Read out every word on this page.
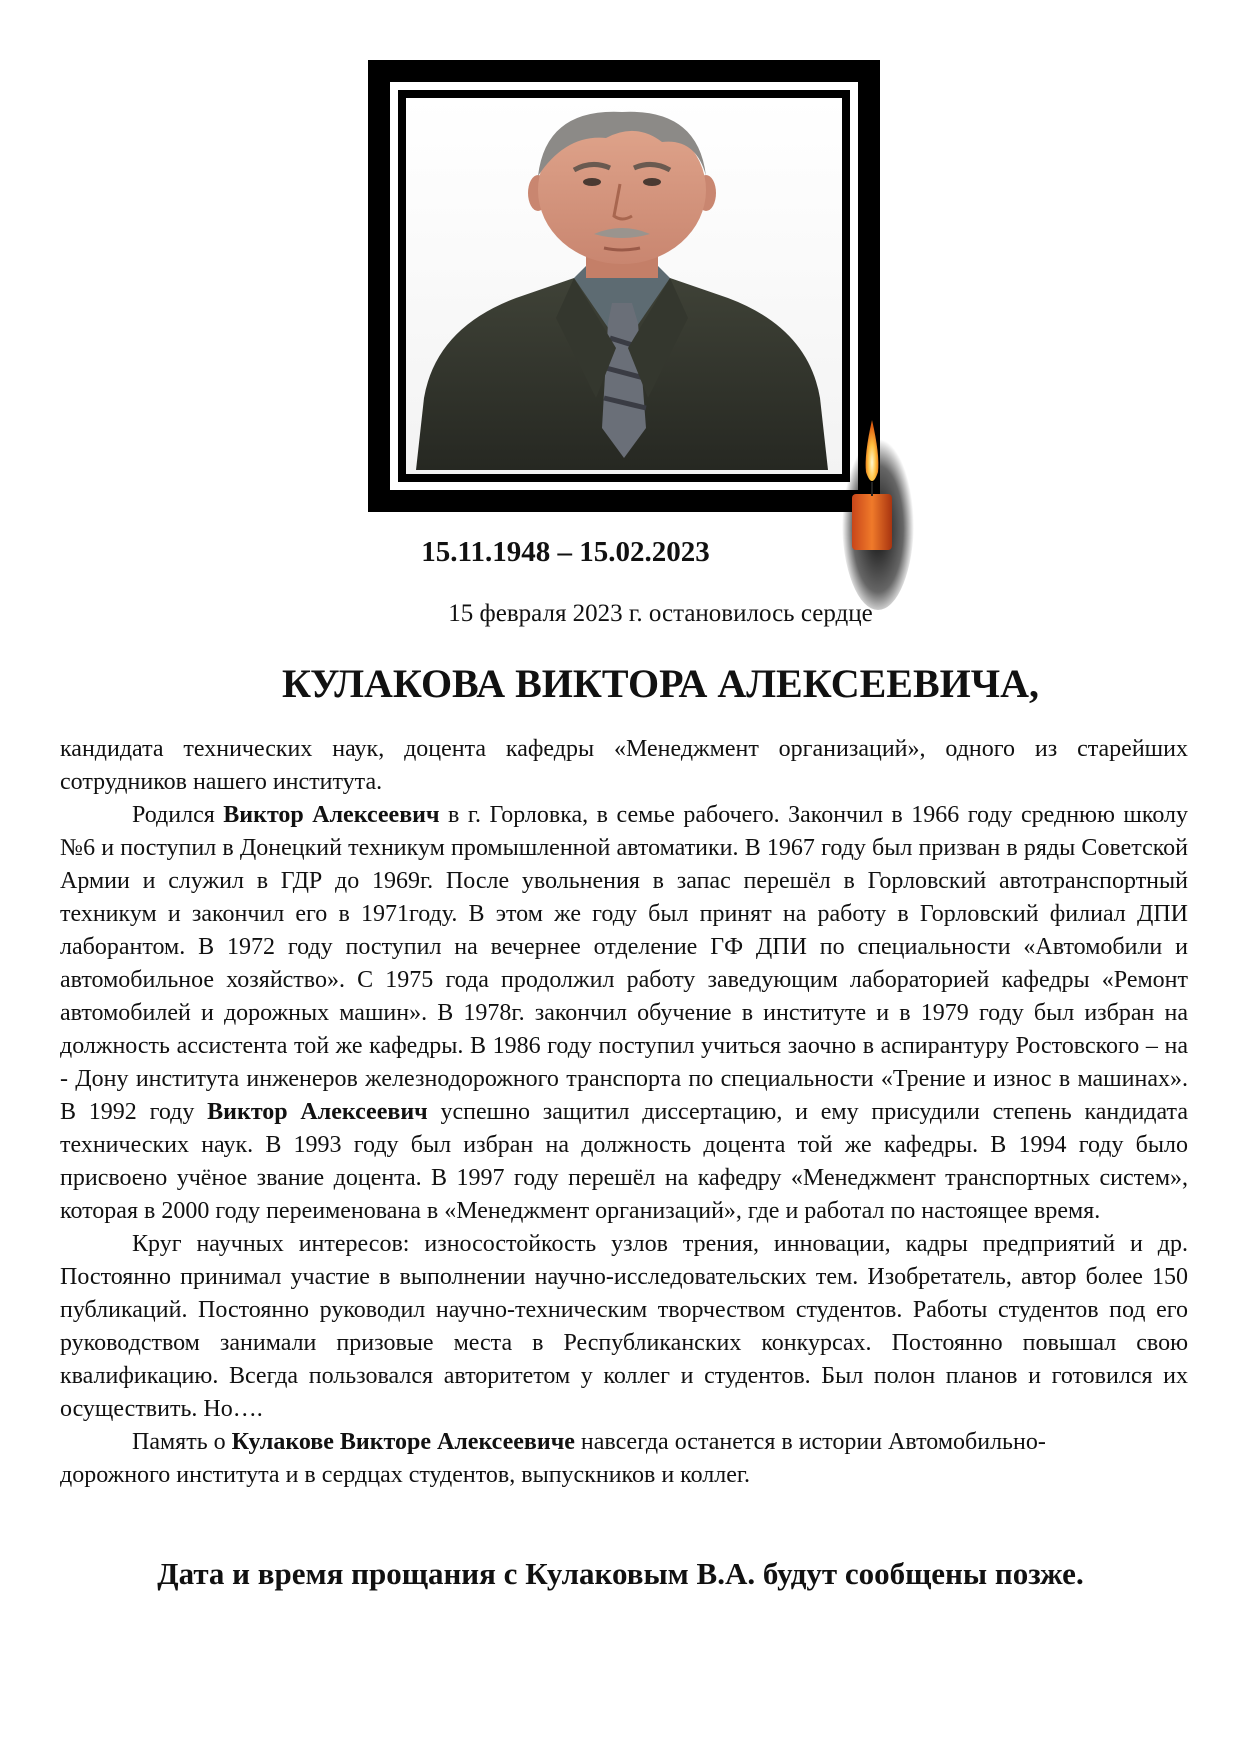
15.11.1948 – 15.02.2023
15 февраля 2023 г. остановилось сердце
КУЛАКОВА ВИКТОРА АЛЕКСЕЕВИЧА,

кандидата технических наук, доцента кафедры «Менеджмент организаций», одного из старейших сотрудников нашего института.

Родился Виктор Алексеевич в г. Горловка, в семье рабочего. Закончил в 1966 году среднюю школу №6 и поступил в Донецкий техникум промышленной автоматики. В 1967 году был призван в ряды Советской Армии и служил в ГДР до 1969г. После увольнения в запас перешёл в Горловский автотранспортный техникум и закончил его в 1971году. В этом же году был принят на работу в Горловский филиал ДПИ лаборантом. В 1972 году поступил на вечернее отделение ГФ ДПИ по специальности «Автомобили и автомобильное хозяйство». С 1975 года продолжил работу заведующим лабораторией кафедры «Ремонт автомобилей и дорожных машин». В 1978г. закончил обучение в институте и в 1979 году был избран на должность ассистента той же кафедры. В 1986 году поступил учиться заочно в аспирантуру Ростовского – на - Дону института инженеров железнодорожного транспорта по специальности «Трение и износ в машинах». В 1992 году Виктор Алексеевич успешно защитил диссертацию, и ему присудили степень кандидата технических наук. В 1993 году был избран на должность доцента той же кафедры. В 1994 году было присвоено учёное звание доцента. В 1997 году перешёл на кафедру «Менеджмент транспортных систем», которая в 2000 году переименована в «Менеджмент организаций», где и работал по настоящее время.

Круг научных интересов: износостойкость узлов трения, инновации, кадры предприятий и др. Постоянно принимал участие в выполнении научно-исследовательских тем. Изобретатель, автор более 150 публикаций. Постоянно руководил научно-техническим творчеством студентов. Работы студентов под его руководством занимали призовые места в Республиканских конкурсах. Постоянно повышал свою квалификацию. Всегда пользовался авторитетом у коллег и студентов. Был полон планов и готовился их осуществить. Но….

Память о Кулакове Викторе Алексеевиче навсегда останется в истории Автомобильно-

дорожного института и в сердцах студентов, выпускников и коллег.

Дата и время прощания с Кулаковым В.А. будут сообщены позже.
